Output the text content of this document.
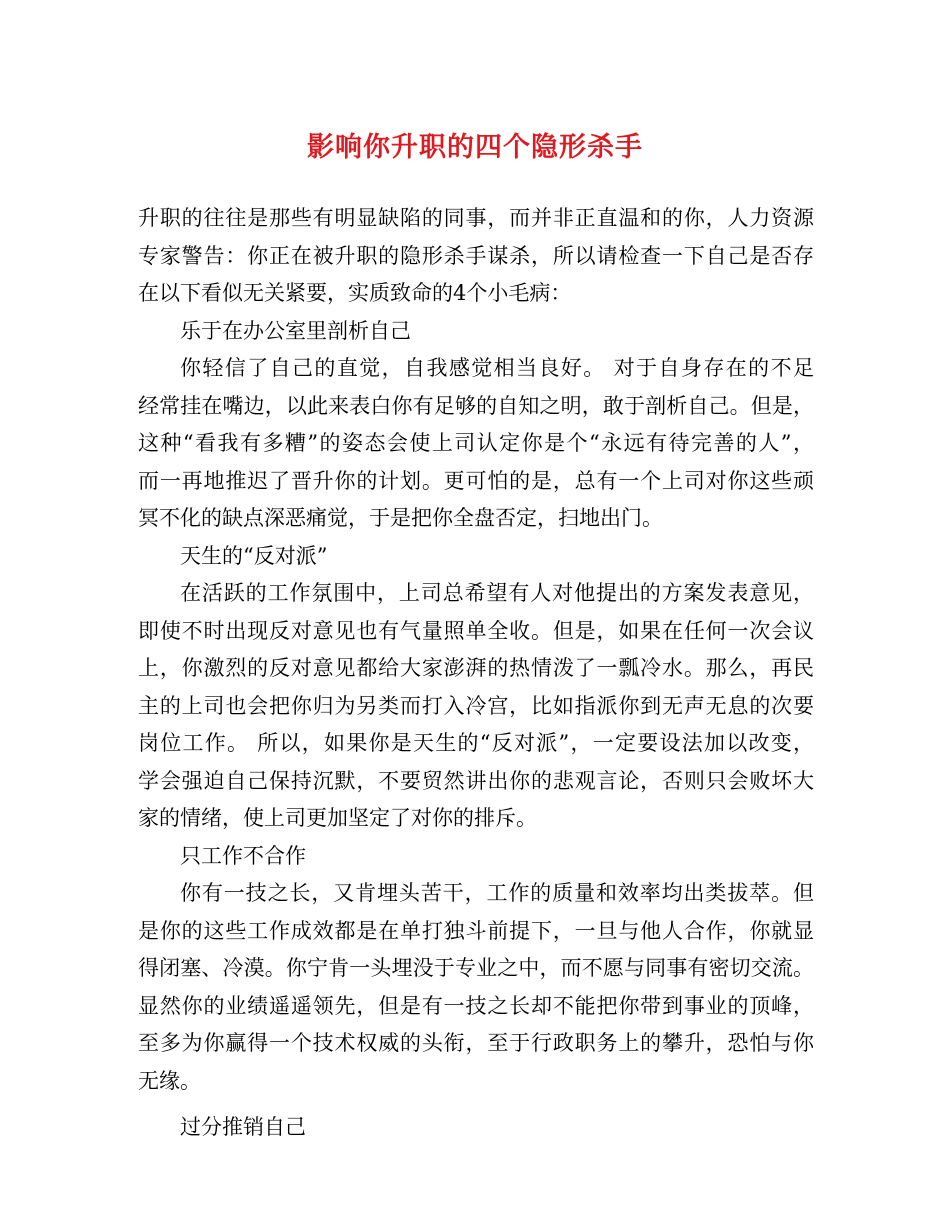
影响你升职的四个隐形杀手
升职的往往是那些有明显缺陷的同事，而并非正直温和的你，人力资源
专家警告：你正在被升职的隐形杀手谋杀，所以请检查一下自己是否存
在以下看似无关紧要，实质致命的4个小毛病：
乐于在办公室里剖析自己
你轻信了自己的直觉，自我感觉相当良好。 对于自身存在的不足
经常挂在嘴边，以此来表白你有足够的自知之明，敢于剖析自己。但是，
这种“看我有多糟”的姿态会使上司认定你是个“永远有待完善的人”，
而一再地推迟了晋升你的计划。更可怕的是，总有一个上司对你这些顽
冥不化的缺点深恶痛觉，于是把你全盘否定，扫地出门。
天生的“反对派”
在活跃的工作氛围中，上司总希望有人对他提出的方案发表意见，
即使不时出现反对意见也有气量照单全收。但是，如果在任何一次会议
上，你激烈的反对意见都给大家澎湃的热情泼了一瓢冷水。那么，再民
主的上司也会把你归为另类而打入冷宫，比如指派你到无声无息的次要
岗位工作。 所以，如果你是天生的“反对派”，一定要设法加以改变，
学会强迫自己保持沉默，不要贸然讲出你的悲观言论，否则只会败坏大
家的情绪，使上司更加坚定了对你的排斥。
只工作不合作
你有一技之长，又肯埋头苦干，工作的质量和效率均出类拔萃。但
是你的这些工作成效都是在单打独斗前提下，一旦与他人合作，你就显
得闭塞、冷漠。你宁肯一头埋没于专业之中，而不愿与同事有密切交流。
显然你的业绩遥遥领先，但是有一技之长却不能把你带到事业的顶峰，
至多为你赢得一个技术权威的头衔，至于行政职务上的攀升，恐怕与你
无缘。
过分推销自己
